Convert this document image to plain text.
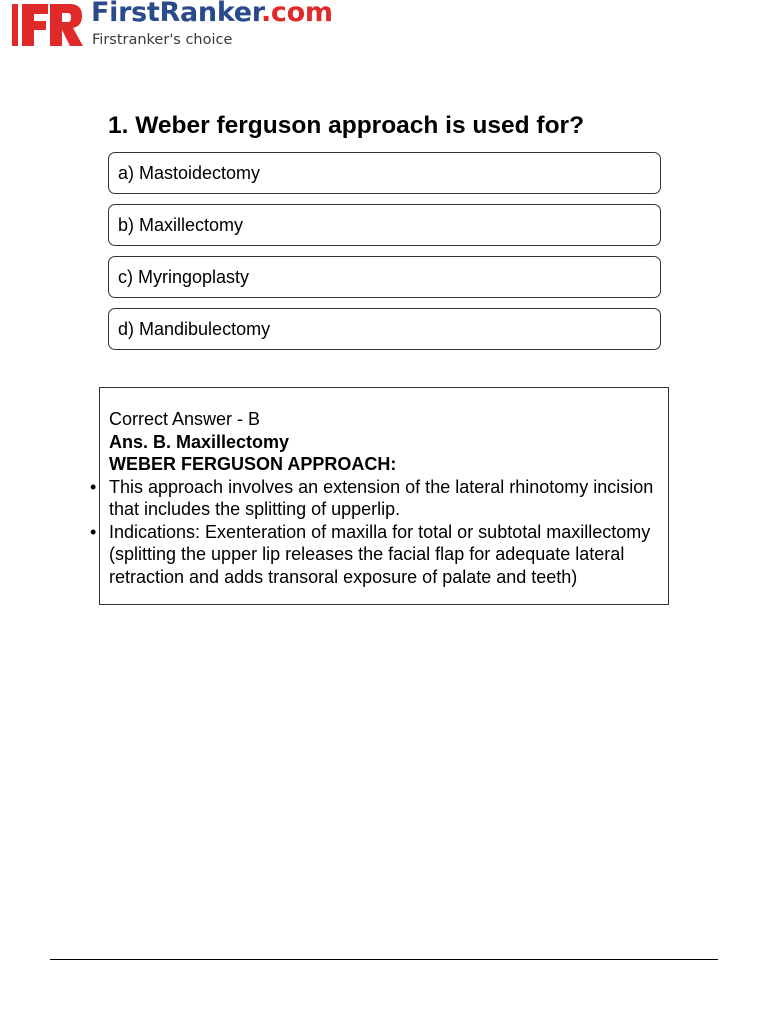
FirstRanker.com
Firstranker's choice
1. Weber ferguson approach is used for?
a) Mastoidectomy
b) Maxillectomy
c) Myringoplasty
d) Mandibulectomy
Correct Answer - B
Ans. B. Maxillectomy
WEBER FERGUSON APPROACH:
• This approach involves an extension of the lateral rhinotomy incision that includes the splitting of upperlip.
• Indications: Exenteration of maxilla for total or subtotal maxillectomy (splitting the upper lip releases the facial flap for adequate lateral retraction and adds transoral exposure of palate and teeth)
